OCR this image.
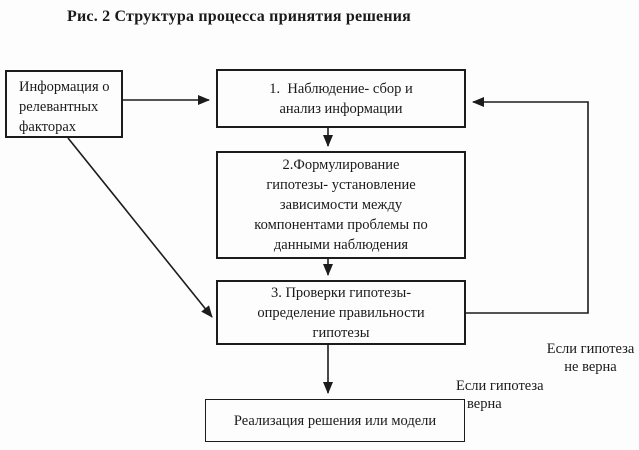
Рис. 2 Структура процесса принятия решения
Информация о
релевантных
факторах
1.  Наблюдение- сбор и
анализ информации
2.Формулирование
гипотезы- установление
зависимости между
компонентами проблемы по
данными наблюдения
3. Проверки гипотезы-
определение правильности
гипотезы
Реализация решения или модели
Если гипотеза
не верна
Если гипотеза
верна
